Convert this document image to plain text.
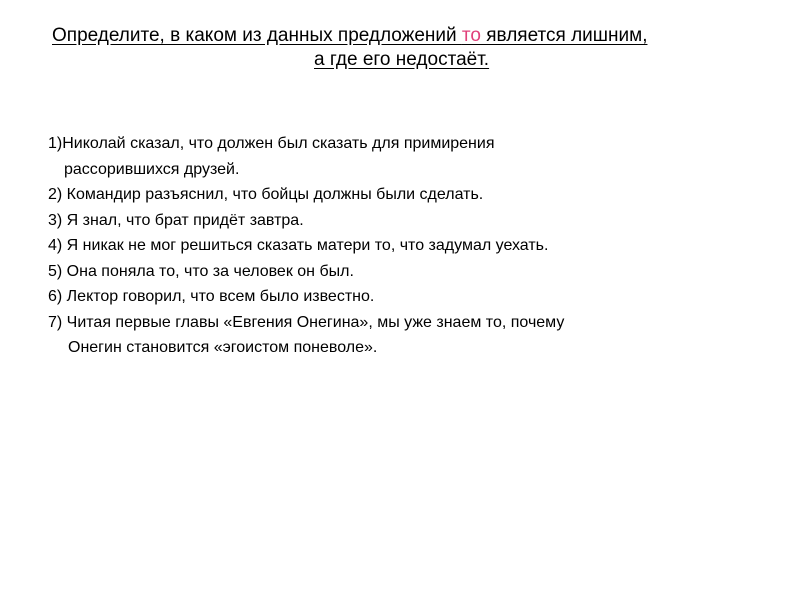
Определите, в каком из данных предложений то является лишним,
а где его недостаёт.
1)Николай сказал, что должен был сказать для примирения
рассорившихся друзей.
2) Командир разъяснил, что бойцы должны были сделать.
3) Я знал, что брат придёт завтра.
4) Я никак не мог решиться сказать матери то, что задумал уехать.
5) Она поняла то, что за человек он был.
6) Лектор говорил, что всем было известно.
7) Читая первые главы «Евгения Онегина», мы уже знаем то, почему
Онегин становится «эгоистом поневоле».
